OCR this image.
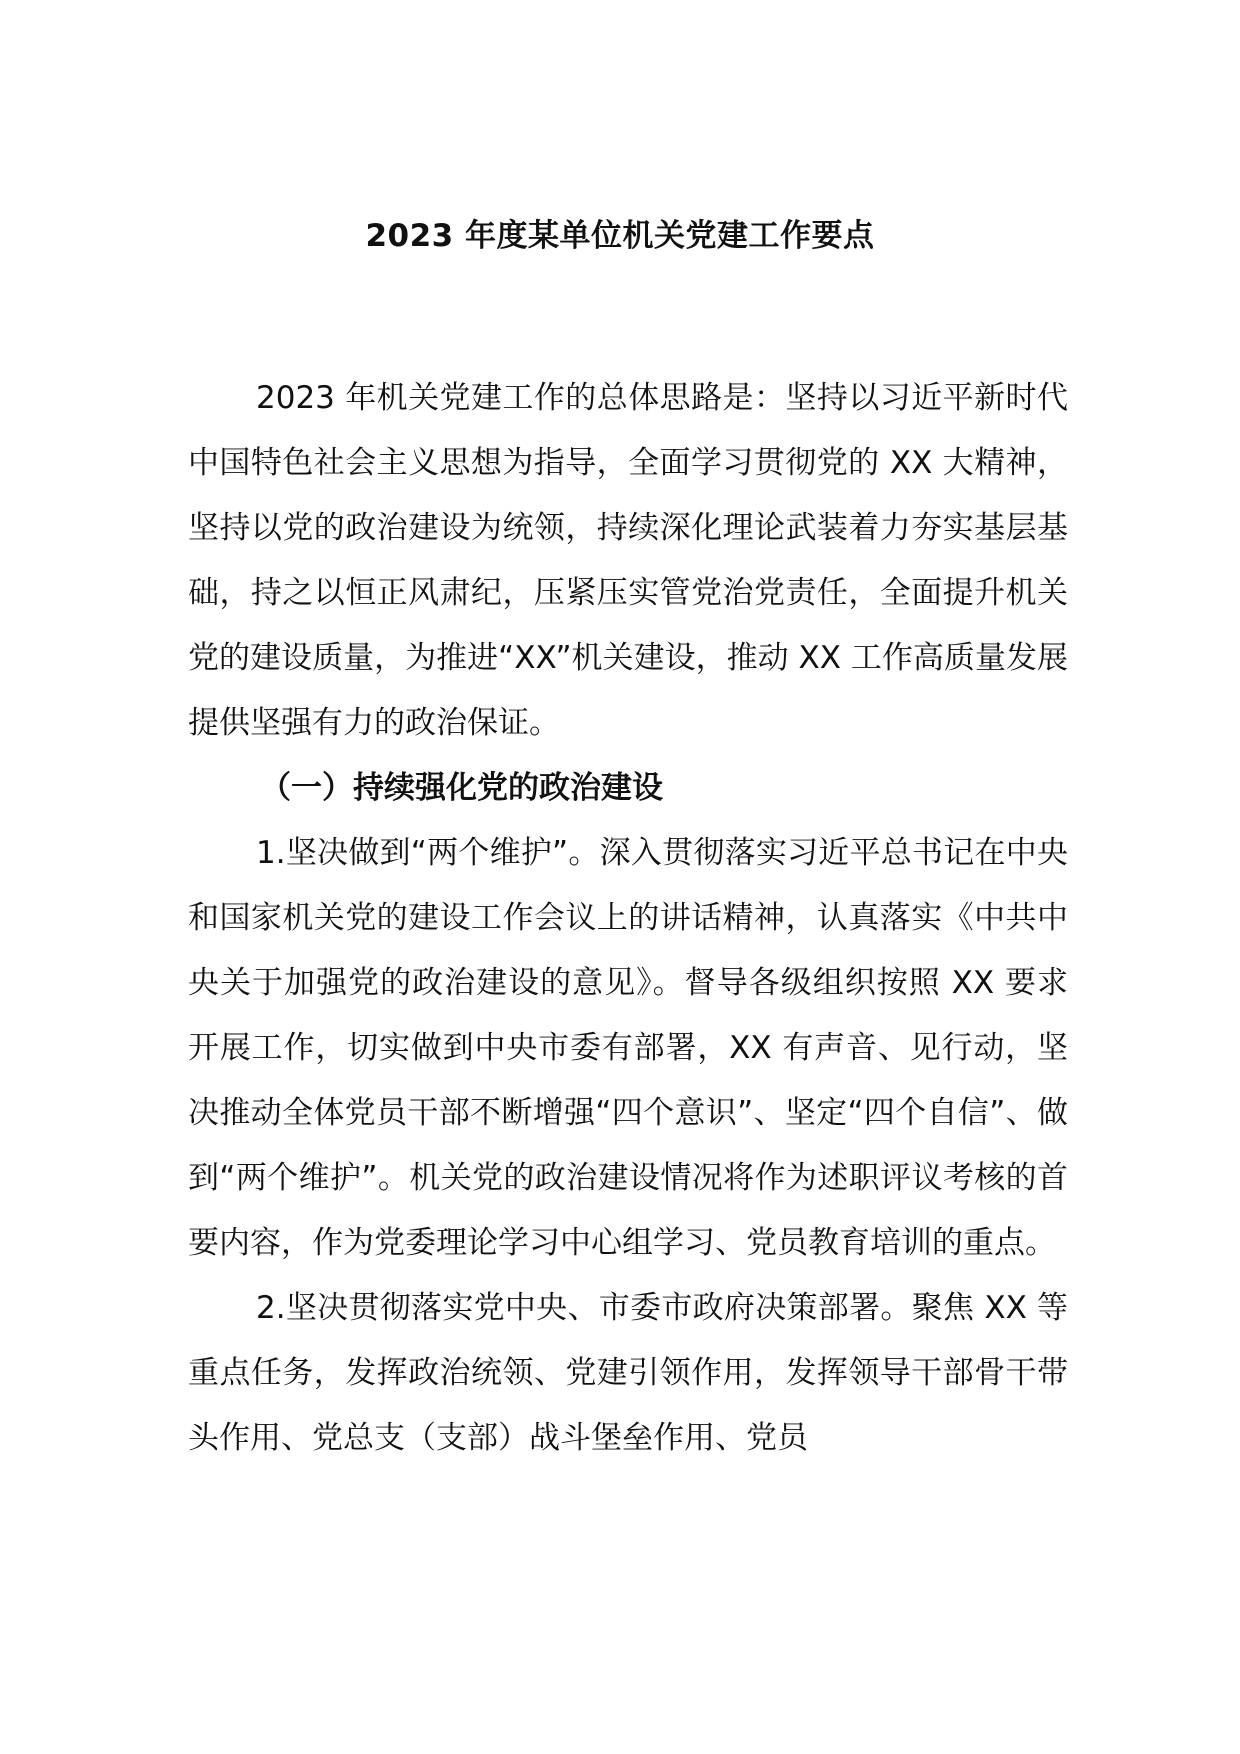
2023 年度某单位机关党建工作要点

2023 年机关党建工作的总体思路是：坚持以习近平新时代中国特色社会主义思想为指导，全面学习贯彻党的 XX 大精神，坚持以党的政治建设为统领，持续深化理论武装着力夯实基层基础，持之以恒正风肃纪，压紧压实管党治党责任，全面提升机关党的建设质量，为推进“XX”机关建设，推动 XX 工作高质量发展提供坚强有力的政治保证。

（一）持续强化党的政治建设

1.坚决做到“两个维护”。深入贯彻落实习近平总书记在中央和国家机关党的建设工作会议上的讲话精神，认真落实《中共中央关于加强党的政治建设的意见》。督导各级组织按照 XX 要求开展工作，切实做到中央市委有部署，XX 有声音、见行动，坚决推动全体党员干部不断增强“四个意识”、坚定“四个自信”、做到“两个维护”。机关党的政治建设情况将作为述职评议考核的首要内容，作为党委理论学习中心组学习、党员教育培训的重点。

2.坚决贯彻落实党中央、市委市政府决策部署。聚焦 XX 等重点任务，发挥政治统领、党建引领作用，发挥领导干部骨干带头作用、党总支（支部）战斗堡垒作用、党员
